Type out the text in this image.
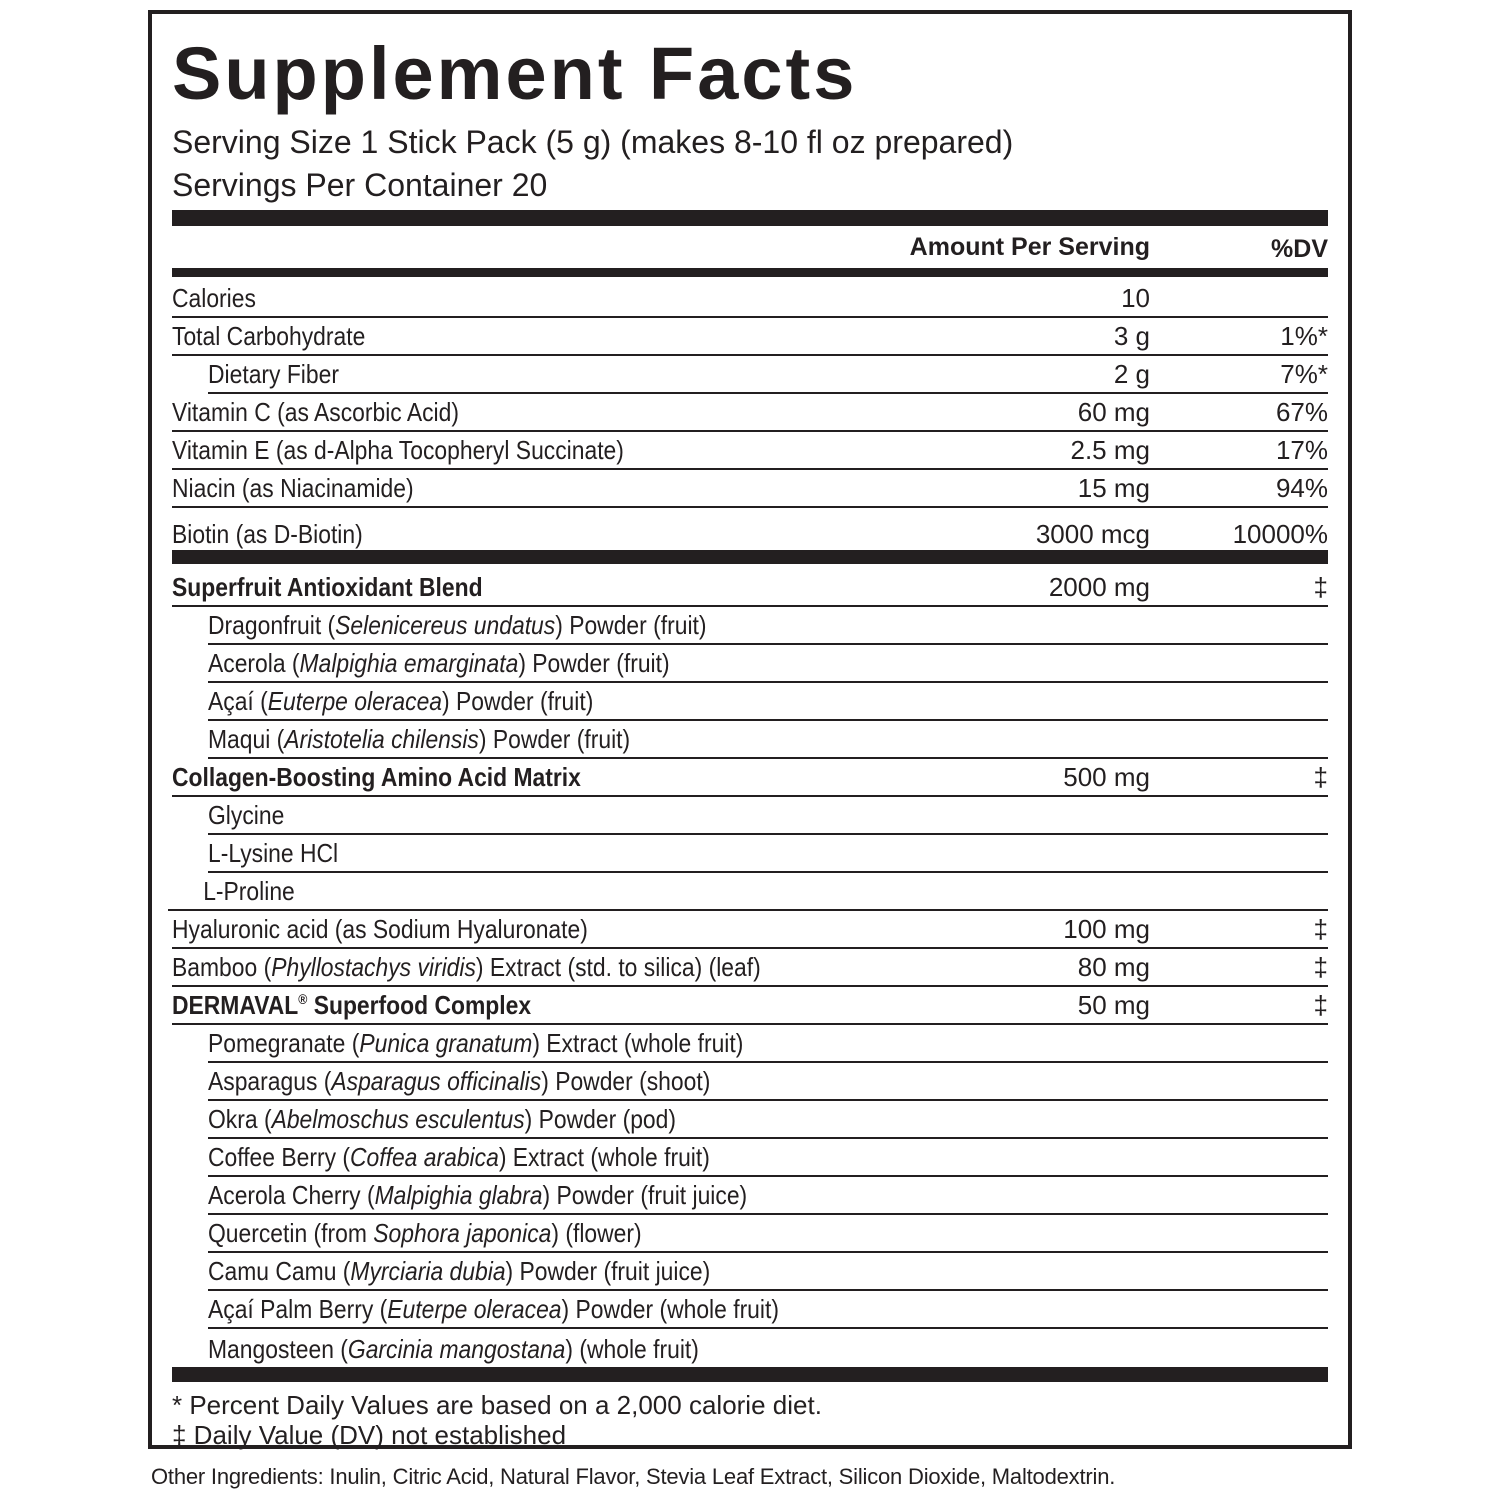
Supplement Facts
Serving Size 1 Stick Pack (5 g) (makes 8-10 fl oz prepared)
Servings Per Container 20
Amount Per Serving	%DV
Calories	10
Total Carbohydrate	3 g	1%*
Dietary Fiber	2 g	7%*
Vitamin C (as Ascorbic Acid)	60 mg	67%
Vitamin E (as d-Alpha Tocopheryl Succinate)	2.5 mg	17%
Niacin (as Niacinamide)	15 mg	94%
Biotin (as D-Biotin)	3000 mcg	10000%
Superfruit Antioxidant Blend	2000 mg	‡
Dragonfruit (Selenicereus undatus) Powder (fruit)
Acerola (Malpighia emarginata) Powder (fruit)
Açaí (Euterpe oleracea) Powder (fruit)
Maqui (Aristotelia chilensis) Powder (fruit)
Collagen-Boosting Amino Acid Matrix	500 mg	‡
Glycine
L-Lysine HCl
L-Proline
Hyaluronic acid (as Sodium Hyaluronate)	100 mg	‡
Bamboo (Phyllostachys viridis) Extract (std. to silica) (leaf)	80 mg	‡
DERMAVAL® Superfood Complex	50 mg	‡
Pomegranate (Punica granatum) Extract (whole fruit)
Asparagus (Asparagus officinalis) Powder (shoot)
Okra (Abelmoschus esculentus) Powder (pod)
Coffee Berry (Coffea arabica) Extract (whole fruit)
Acerola Cherry (Malpighia glabra) Powder (fruit juice)
Quercetin (from Sophora japonica) (flower)
Camu Camu (Myrciaria dubia) Powder (fruit juice)
Açaí Palm Berry (Euterpe oleracea) Powder (whole fruit)
Mangosteen (Garcinia mangostana) (whole fruit)
* Percent Daily Values are based on a 2,000 calorie diet.
‡ Daily Value (DV) not established
Other Ingredients: Inulin, Citric Acid, Natural Flavor, Stevia Leaf Extract, Silicon Dioxide, Maltodextrin.
